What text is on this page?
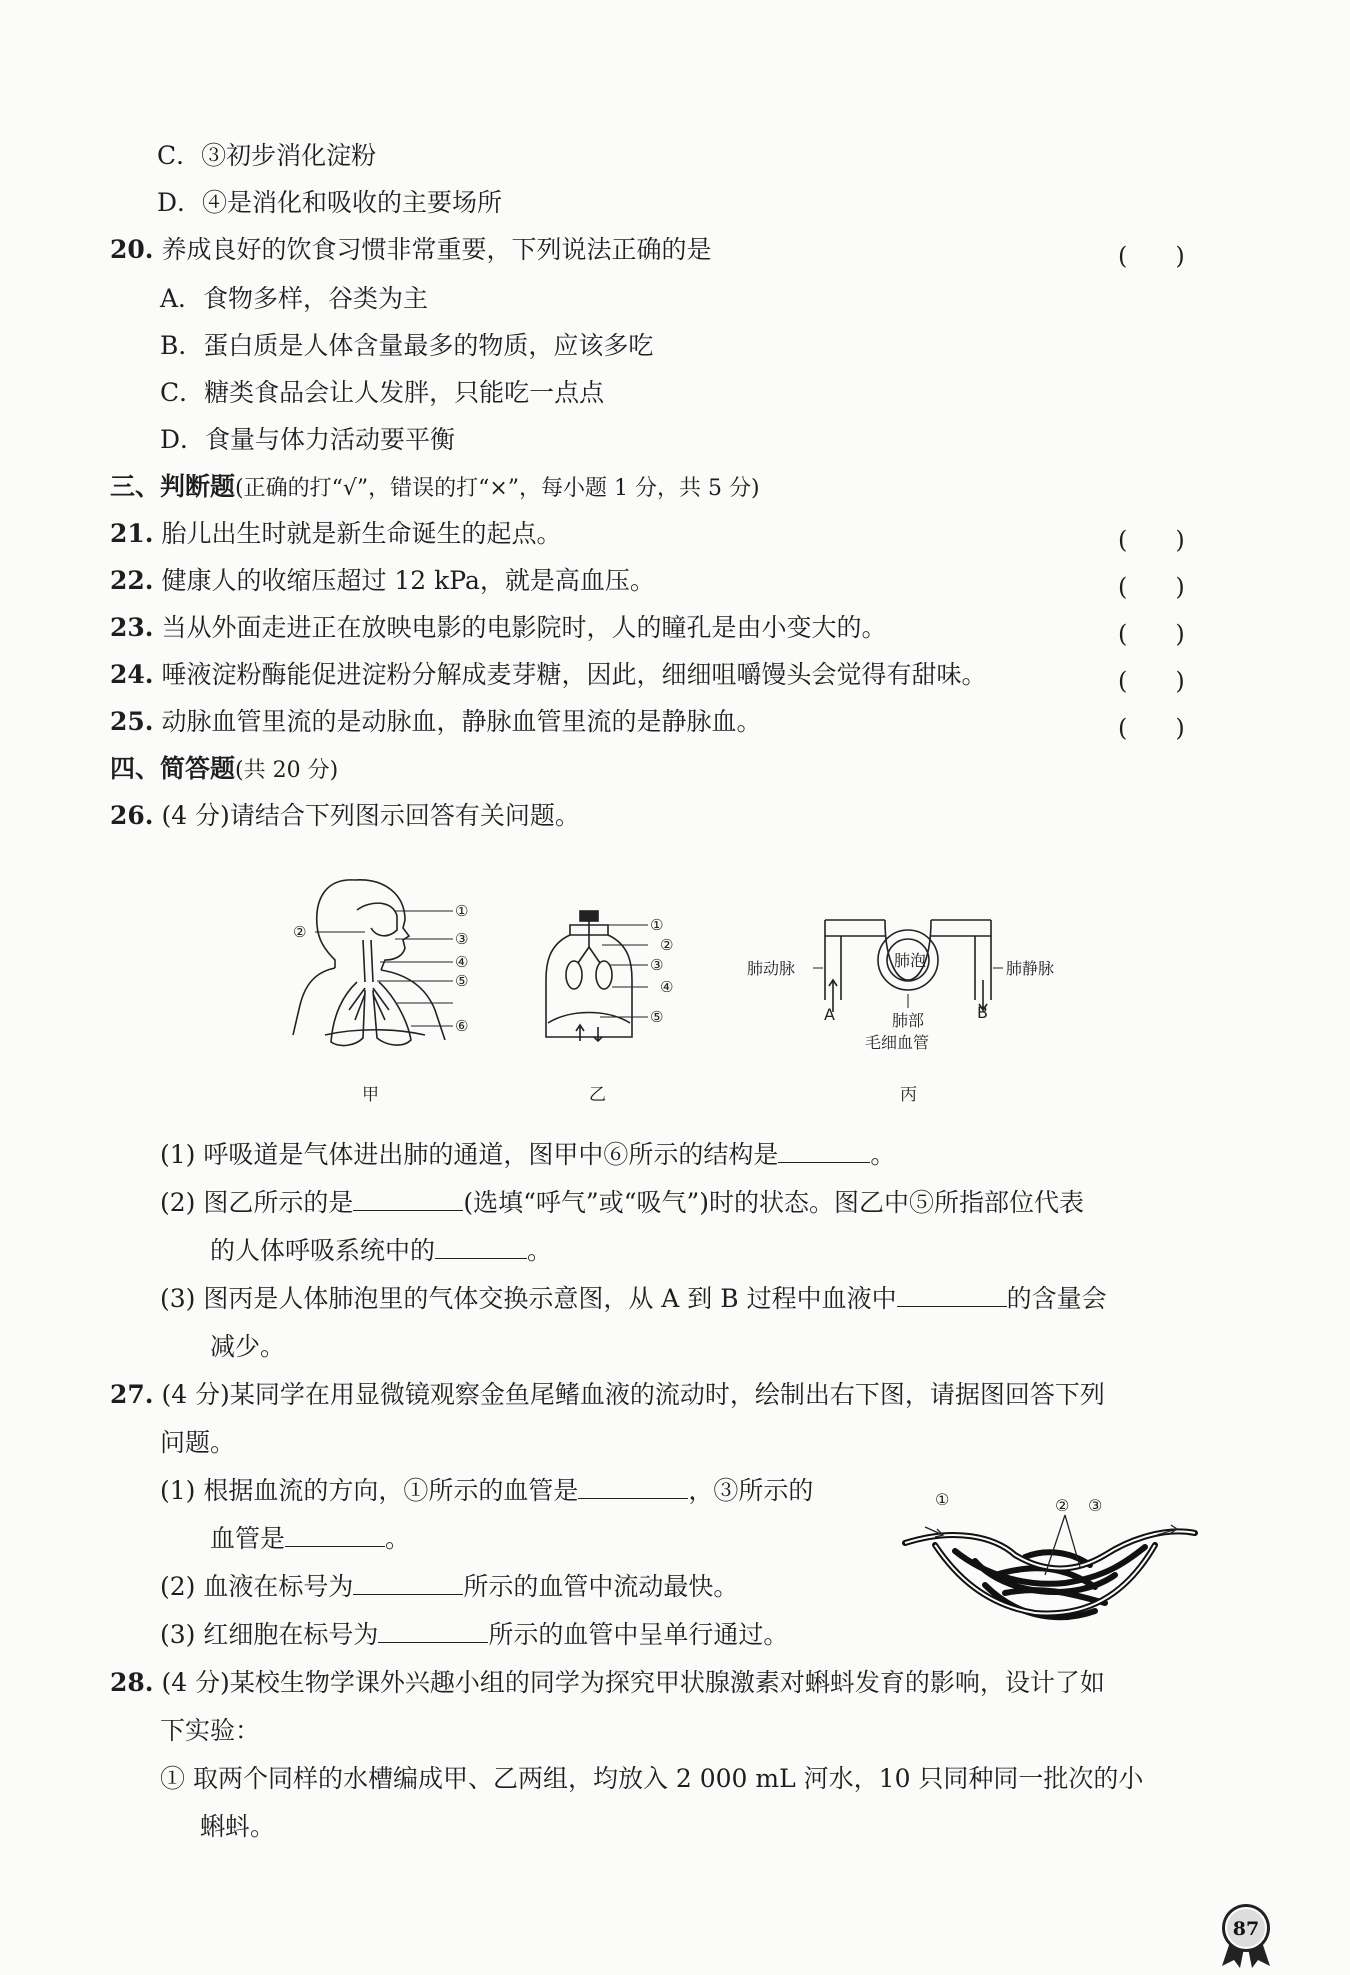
C．③初步消化淀粉
D．④是消化和吸收的主要场所
20. 养成良好的饮食习惯非常重要，下列说法正确的是	(　　)
A．食物多样，谷类为主
B．蛋白质是人体含量最多的物质，应该多吃
C．糖类食品会让人发胖，只能吃一点点
D．食量与体力活动要平衡
三、判断题(正确的打“√”，错误的打“×”，每小题 1 分，共 5 分)
21. 胎儿出生时就是新生命诞生的起点。	(　　)
22. 健康人的收缩压超过 12 kPa，就是高血压。	(　　)
23. 当从外面走进正在放映电影的电影院时，人的瞳孔是由小变大的。	(　　)
24. 唾液淀粉酶能促进淀粉分解成麦芽糖，因此，细细咀嚼馒头会觉得有甜味。	(　　)
25. 动脉血管里流的是动脉血，静脉血管里流的是静脉血。	(　　)
四、简答题(共 20 分)
26. (4 分)请结合下列图示回答有关问题。
①
②	③
④
⑤
⑥
①
②
③
④
⑤
肺泡
肺动脉	肺静脉
A	B
肺部
毛细血管
甲	乙	丙
(1) 呼吸道是气体进出肺的通道，图甲中⑥所示的结构是	。
(2) 图乙所示的是	(选填“呼气”或“吸气”)时的状态。图乙中⑤所指部位代表
的人体呼吸系统中的	。
(3) 图丙是人体肺泡里的气体交换示意图，从 A 到 B 过程中血液中	的含量会
减少。
27. (4 分)某同学在用显微镜观察金鱼尾鳍血液的流动时，绘制出右下图，请据图回答下列
问题。
(1) 根据血流的方向，①所示的血管是	，③所示的
血管是	。
(2) 血液在标号为	所示的血管中流动最快。
(3) 红细胞在标号为	所示的血管中呈单行通过。
①	② ③
28. (4 分)某校生物学课外兴趣小组的同学为探究甲状腺激素对蝌蚪发育的影响，设计了如
下实验：
① 取两个同样的水槽编成甲、乙两组，均放入 2 000 mL 河水，10 只同种同一批次的小
蝌蚪。
87
